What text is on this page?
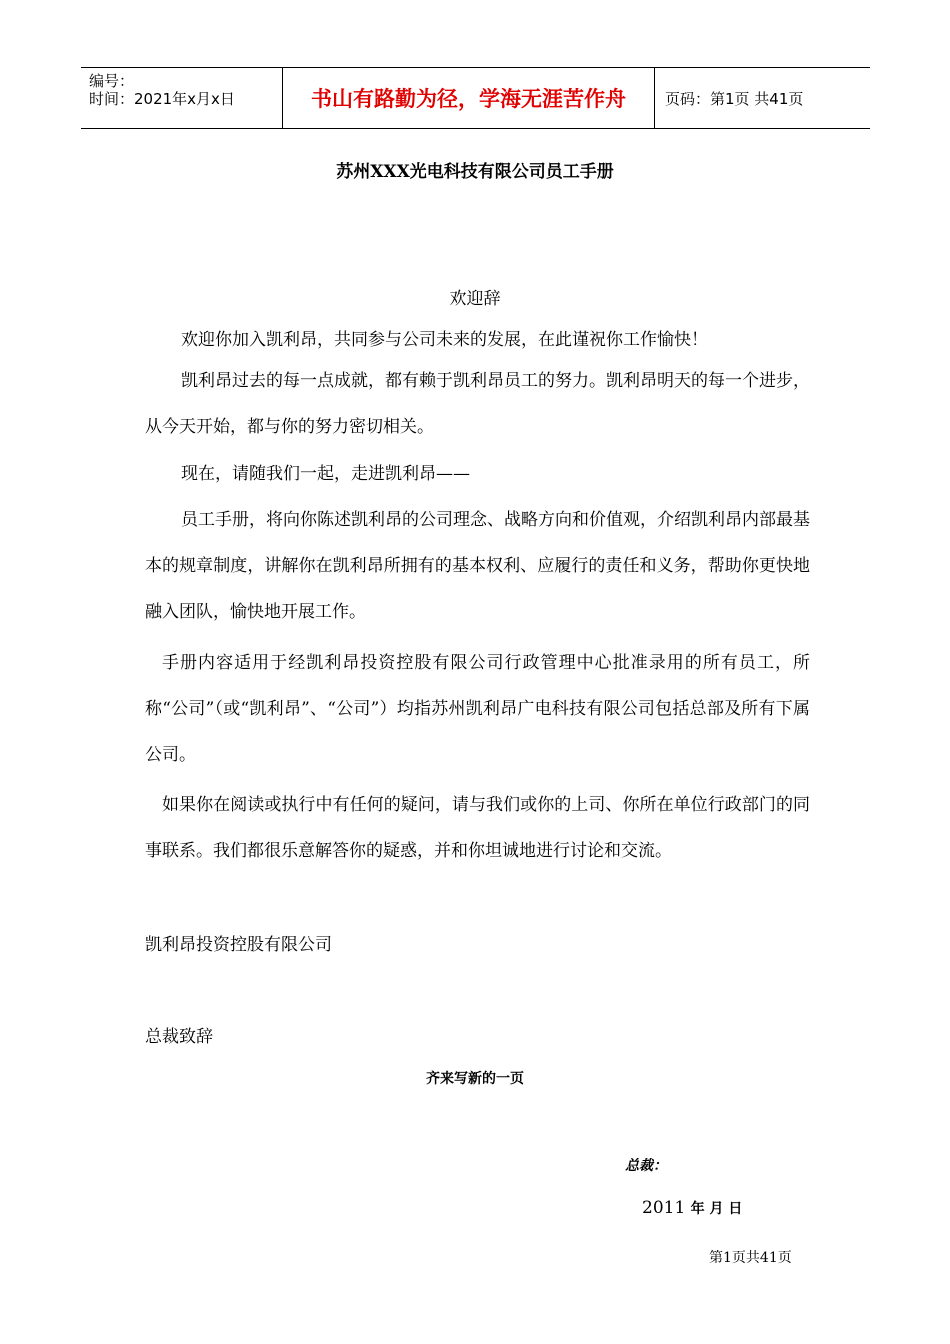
编号：
时间：2021年x月x日	书山有路勤为径，学海无涯苦作舟	页码：第1页 共41页
苏州XXX光电科技有限公司员工手册
欢迎辞
欢迎你加入凯利昂，共同参与公司未来的发展，在此谨祝你工作愉快！
凯利昂过去的每一点成就，都有赖于凯利昂员工的努力。凯利昂明天的每一个进步，从今天开始，都与你的努力密切相关。
现在，请随我们一起，走进凯利昂——
员工手册，将向你陈述凯利昂的公司理念、战略方向和价值观，介绍凯利昂内部最基本的规章制度，讲解你在凯利昂所拥有的基本权利、应履行的责任和义务，帮助你更快地融入团队，愉快地开展工作。
手册内容适用于经凯利昂投资控股有限公司行政管理中心批准录用的所有员工，所称“公司”（或“凯利昂”、“公司”）均指苏州凯利昂广电科技有限公司包括总部及所有下属公司。
如果你在阅读或执行中有任何的疑问，请与我们或你的上司、你所在单位行政部门的同事联系。我们都很乐意解答你的疑惑，并和你坦诚地进行讨论和交流。
凯利昂投资控股有限公司
总裁致辞
齐来写新的一页
总裁：
2011 年 月 日
第1页共41页
